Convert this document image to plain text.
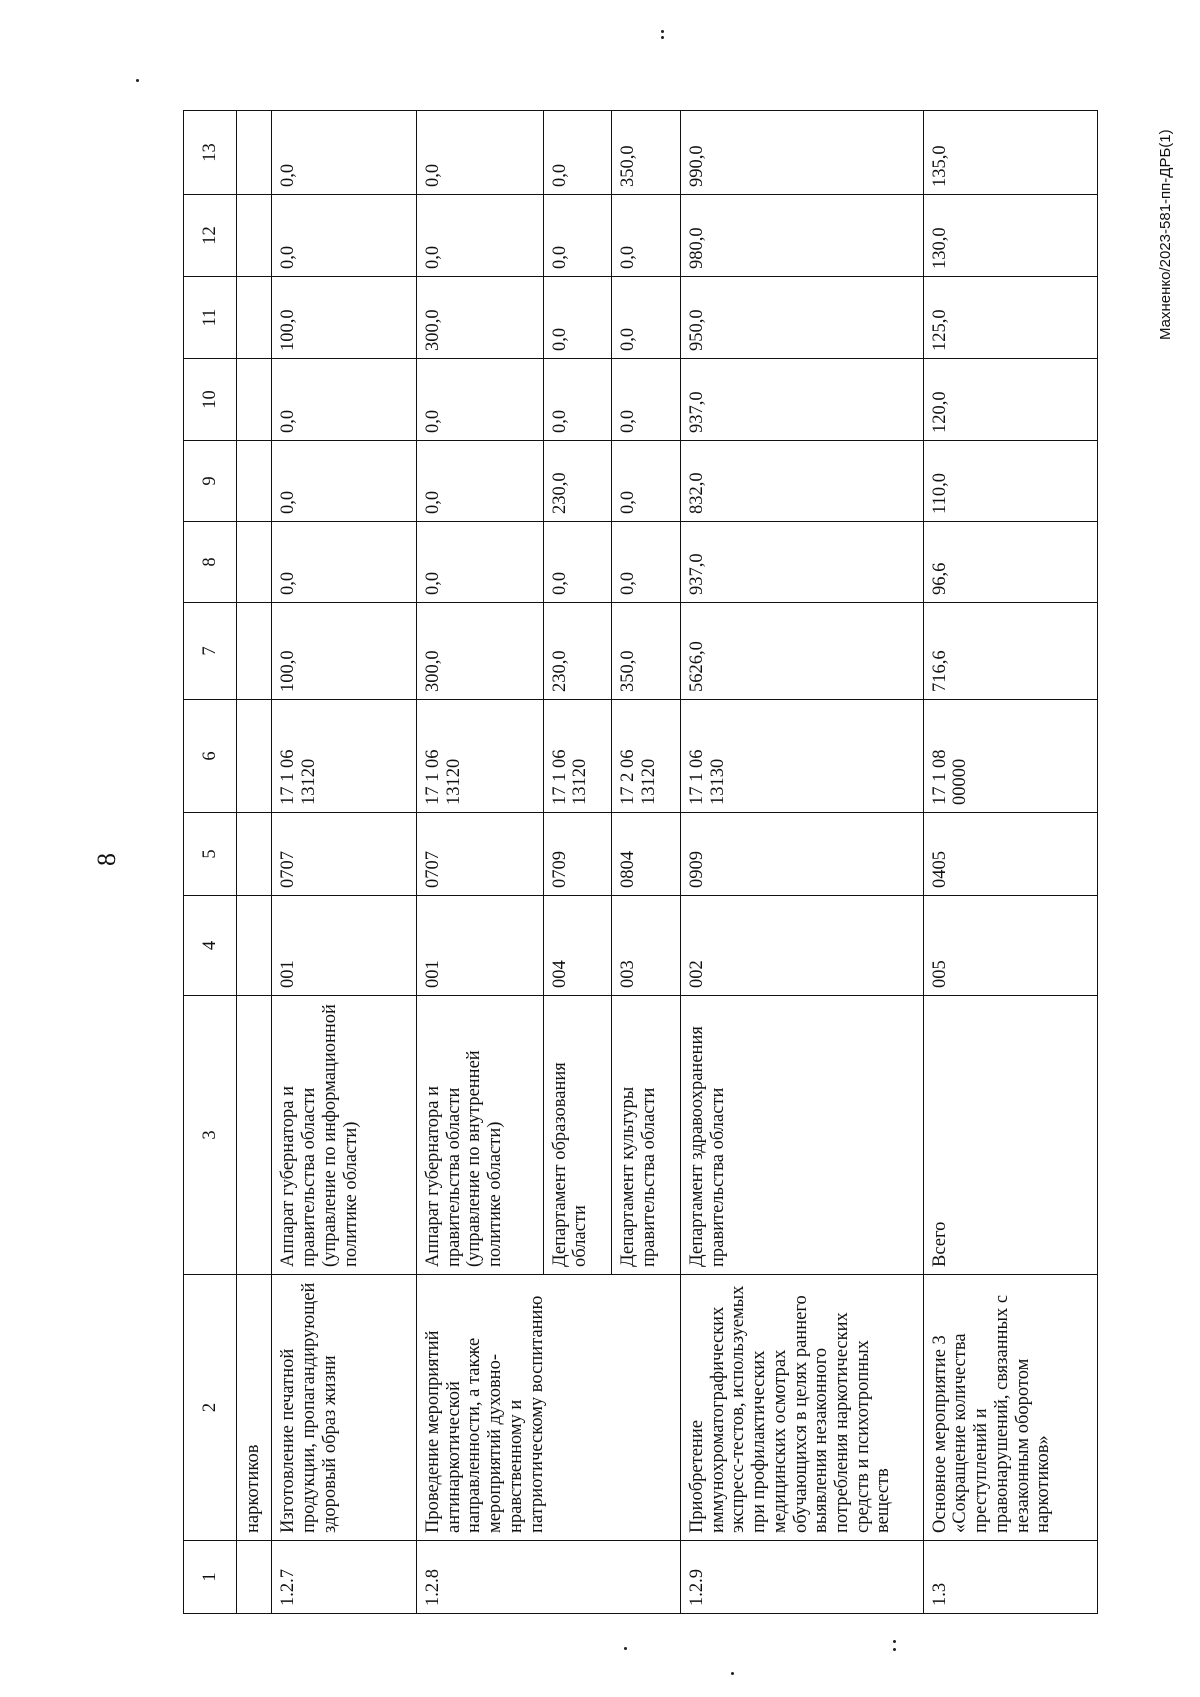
8
Махненко/2023-581-пп-ДРБ(1)
1	2	3	4	5	6	7	8	9	10	11	12	13
	наркотиков											
1.2.7	Изготовление печатной продукции, пропагандирующей здоровый образ жизни	Аппарат губернатора и правительства области (управление по информационной политике области)	001	0707	17 1 06 13120	100,0	0,0	0,0	0,0	100,0	0,0	0,0
1.2.8	Проведение мероприятий антинаркотической направленности, а также мероприятий духовно-нравственному и патриотическому воспитанию	Аппарат губернатора и правительства области (управление по внутренней политике области)	001	0707	17 1 06 13120	300,0	0,0	0,0	0,0	300,0	0,0	0,0
		Департамент образования области	004	0709	17 1 06 13120	230,0	0,0	230,0	0,0	0,0	0,0	0,0
		Департамент культуры правительства области	003	0804	17 2 06 13120	350,0	0,0	0,0	0,0	0,0	0,0	350,0
1.2.9	Приобретение иммунохроматографических экспресс-тестов, используемых при профилактических медицинских осмотрах обучающихся в целях раннего выявления незаконного потребления наркотических средств и психотропных веществ	Департамент здравоохранения правительства области	002	0909	17 1 06 13130	5626,0	937,0	832,0	937,0	950,0	980,0	990,0
1.3	Основное мероприятие 3 «Сокращение количества преступлений и правонарушений, связанных с незаконным оборотом наркотиков»	Всего	005	0405	17 1 08 00000	716,6	96,6	110,0	120,0	125,0	130,0	135,0
